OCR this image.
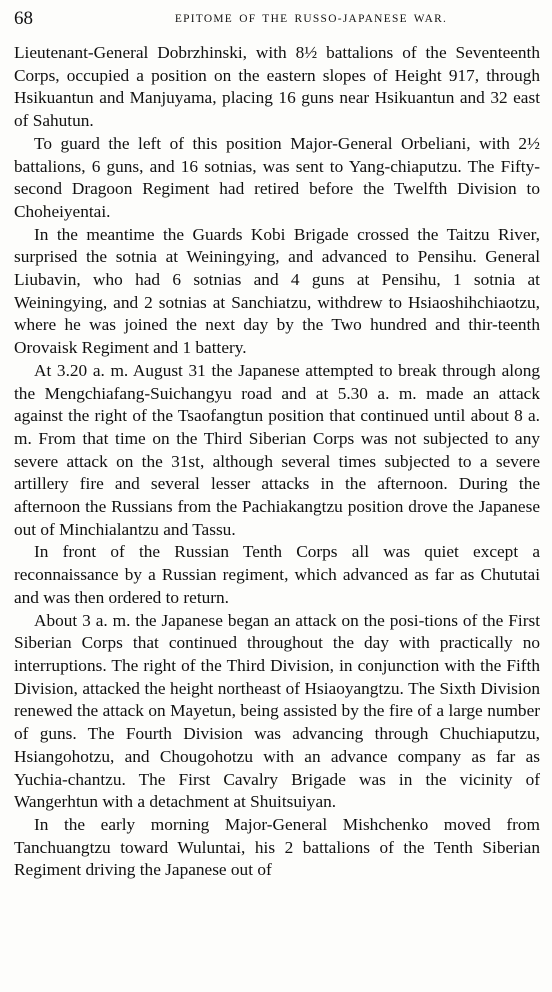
68	EPITOME OF THE RUSSO-JAPANESE WAR.

Lieutenant-General Dobrzhinski, with 8½ battalions of the Seventeenth Corps, occupied a position on the eastern slopes of Height 917, through Hsikuantun and Manjuyama, placing 16 guns near Hsikuantun and 32 east of Sahutun.

To guard the left of this position Major-General Orbeliani, with 2½ battalions, 6 guns, and 16 sotnias, was sent to Yang-chiaputzu. The Fifty-second Dragoon Regiment had retired before the Twelfth Division to Choheiyentai.

In the meantime the Guards Kobi Brigade crossed the Taitzu River, surprised the sotnia at Weiningying, and advanced to Pensihu. General Liubavin, who had 6 sotnias and 4 guns at Pensihu, 1 sotnia at Weiningying, and 2 sotnias at Sanchiatzu, withdrew to Hsiaoshihchiaotzu, where he was joined the next day by the Two hundred and thir-teenth Orovaisk Regiment and 1 battery.

At 3.20 a. m. August 31 the Japanese attempted to break through along the Mengchiafang-Suichangyu road and at 5.30 a. m. made an attack against the right of the Tsaofangtun position that continued until about 8 a. m. From that time on the Third Siberian Corps was not subjected to any severe attack on the 31st, although several times subjected to a severe artillery fire and several lesser attacks in the afternoon. During the afternoon the Russians from the Pachiakangtzu position drove the Japanese out of Minchialantzu and Tassu.

In front of the Russian Tenth Corps all was quiet except a reconnaissance by a Russian regiment, which advanced as far as Chututai and was then ordered to return.

About 3 a. m. the Japanese began an attack on the posi-tions of the First Siberian Corps that continued throughout the day with practically no interruptions. The right of the Third Division, in conjunction with the Fifth Division, attacked the height northeast of Hsiaoyangtzu. The Sixth Division renewed the attack on Mayetun, being assisted by the fire of a large number of guns. The Fourth Division was advancing through Chuchiaputzu, Hsiangohotzu, and Chougohotzu with an advance company as far as Yuchia-chantzu. The First Cavalry Brigade was in the vicinity of Wangerhtun with a detachment at Shuitsuiyan.

In the early morning Major-General Mishchenko moved from Tanchuangtzu toward Wuluntai, his 2 battalions of the Tenth Siberian Regiment driving the Japanese out of
